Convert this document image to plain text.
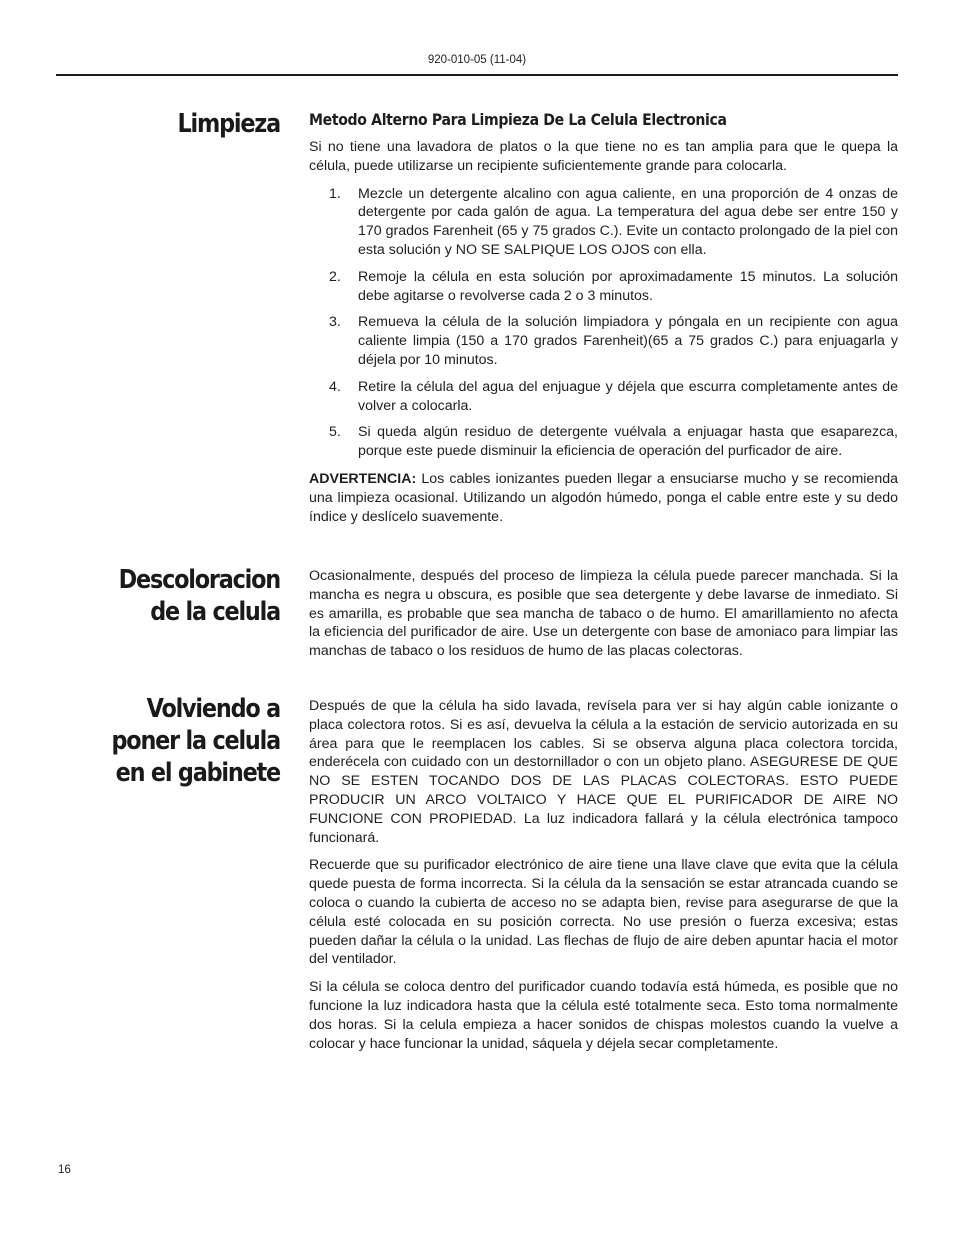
920-010-05 (11-04)
Limpieza Metodo Alterno Para Limpieza De La Celula Electronica

Si no tiene una lavadora de platos o la que tiene no es tan amplia para que le quepa la célula, puede utilizarse un recipiente suficientemente grande para colocarla.

1. Mezcle un detergente alcalino con agua caliente, en una proporción de 4 onzas de detergente por cada galón de agua. La temperatura del agua debe ser entre 150 y 170 grados Farenheit (65 y 75 grados C.). Evite un contacto prolongado de la piel con esta solución y NO SE SALPIQUE LOS OJOS con ella.
2. Remoje la célula en esta solución por aproximadamente 15 minutos. La solución debe agitarse o revolverse cada 2 o 3 minutos.
3. Remueva la célula de la solución limpiadora y póngala en un recipiente con agua caliente limpia (150 a 170 grados Farenheit)(65 a 75 grados C.) para enjuagarla y déjela por 10 minutos.
4. Retire la célula del agua del enjuague y déjela que escurra completamente antes de volver a colocarla.
5. Si queda algún residuo de detergente vuélvala a enjuagar hasta que esaparezca, porque este puede disminuir la eficiencia de operación del purficador de aire.

ADVERTENCIA: Los cables ionizantes pueden llegar a ensuciarse mucho y se recomienda una limpieza ocasional. Utilizando un algodón húmedo, ponga el cable entre este y su dedo índice y deslícelo suavemente.

Descoloracion
de la celula

Ocasionalmente, después del proceso de limpieza la célula puede parecer manchada. Si la mancha es negra u obscura, es posible que sea detergente y debe lavarse de inmediato. Si es amarilla, es probable que sea mancha de tabaco o de humo. El amarillamiento no afecta la eficiencia del purificador de aire. Use un detergente con base de amoniaco para limpiar las manchas de tabaco o los residuos de humo de las placas colectoras.

Volviendo a
poner la celula
en el gabinete

Después de que la célula ha sido lavada, revísela para ver si hay algún cable ionizante o placa colectora rotos. Si es así, devuelva la célula a la estación de servicio autorizada en su área para que le reemplacen los cables. Si se observa alguna placa colectora torcida, enderécela con cuidado con un destornillador o con un objeto plano. ASEGURESE DE QUE NO SE ESTEN TOCANDO DOS DE LAS PLACAS COLECTORAS. ESTO PUEDE PRODUCIR UN ARCO VOLTAICO Y HACE QUE EL PURIFICADOR DE AIRE NO FUNCIONE CON PROPIEDAD. La luz indicadora fallará y la célula electrónica tampoco funcionará.

Recuerde que su purificador electrónico de aire tiene una llave clave que evita que la célula quede puesta de forma incorrecta. Si la célula da la sensación se estar atrancada cuando se coloca o cuando la cubierta de acceso no se adapta bien, revise para asegurarse de que la célula esté colocada en su posición correcta. No use presión o fuerza excesiva; estas pueden dañar la célula o la unidad. Las flechas de flujo de aire deben apuntar hacia el motor del ventilador.

Si la célula se coloca dentro del purificador cuando todavía está húmeda, es posible que no funcione la luz indicadora hasta que la célula esté totalmente seca. Esto toma normalmente dos horas. Si la celula empieza a hacer sonidos de chispas molestos cuando la vuelve a colocar y hace funcionar la unidad, sáquela y déjela secar completamente.

16
